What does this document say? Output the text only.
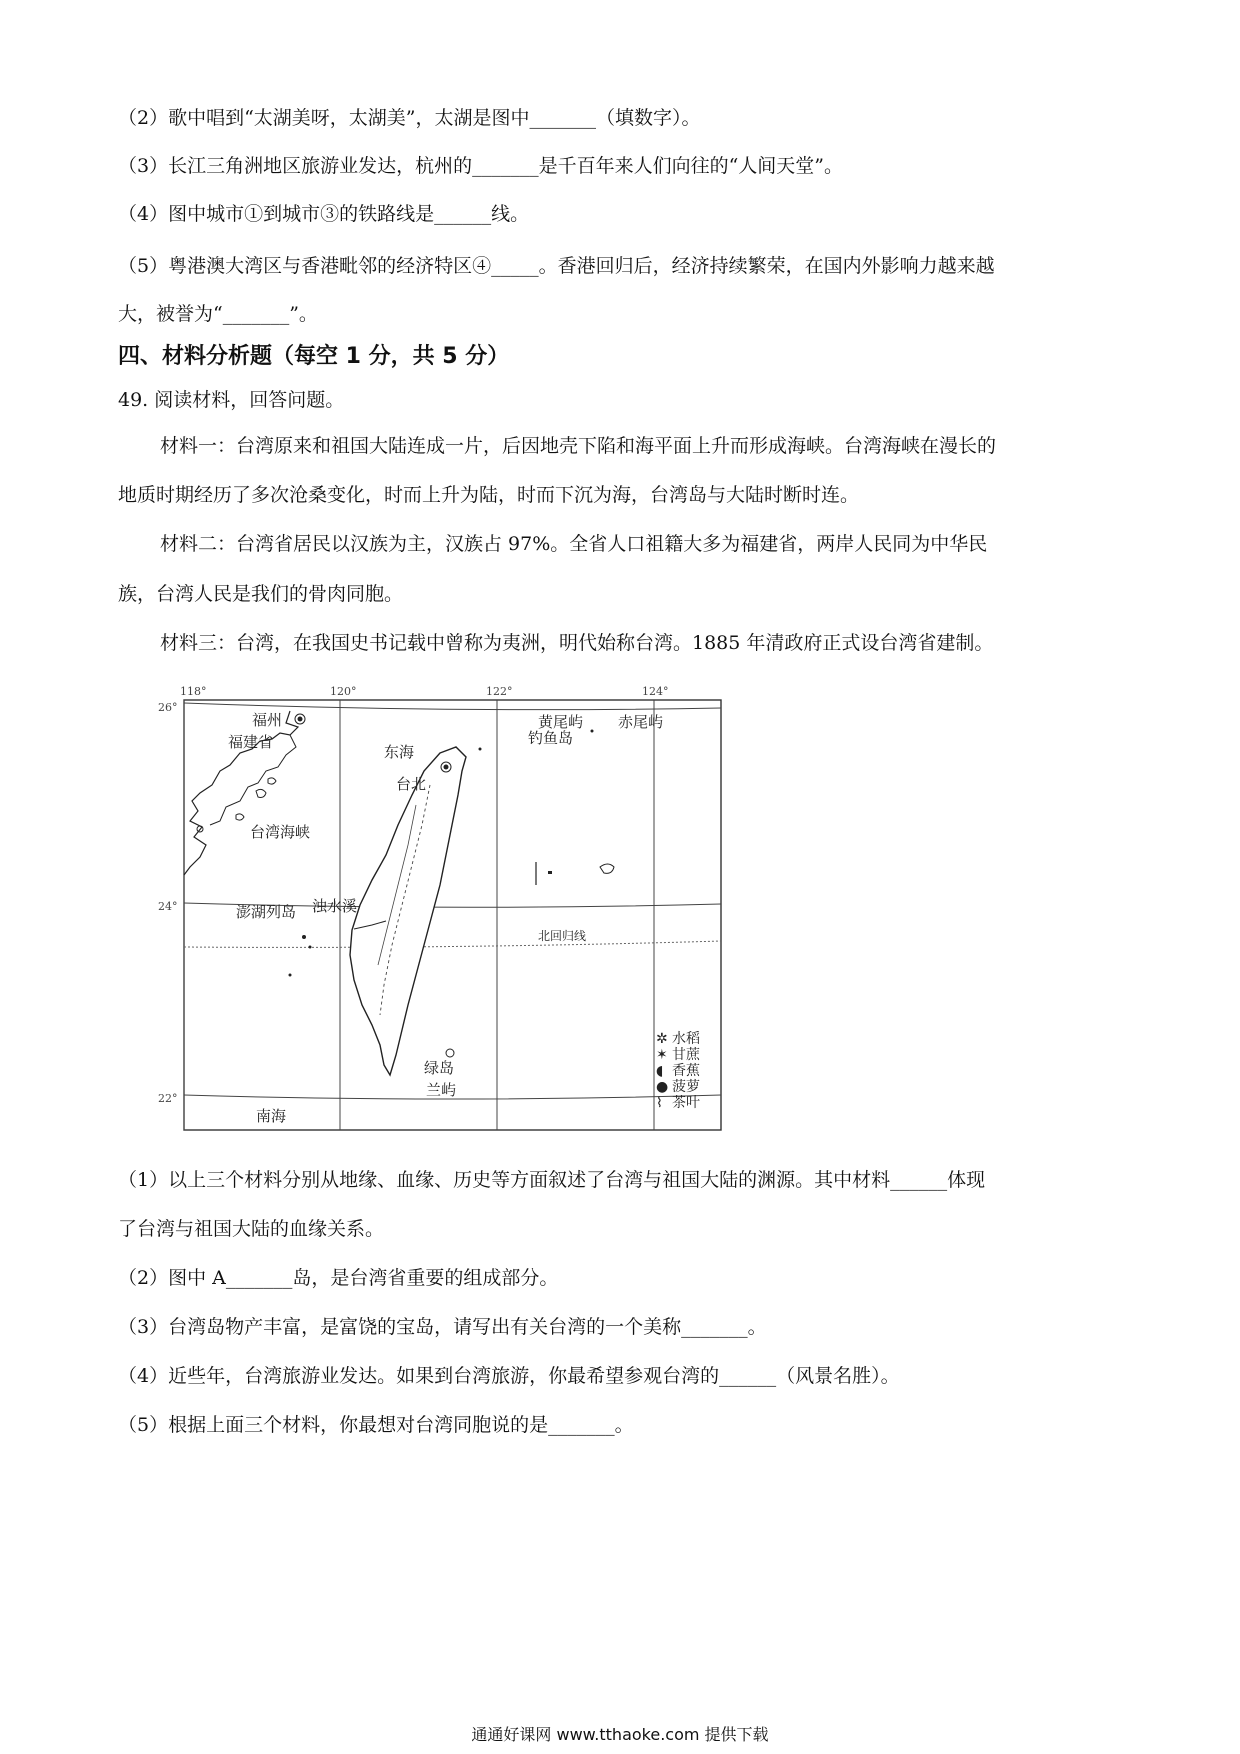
（2）歌中唱到“太湖美呀，太湖美”，太湖是图中_______（填数字）。
（3）长江三角洲地区旅游业发达，杭州的_______是千百年来人们向往的“人间天堂”。
（4）图中城市①到城市③的铁路线是______线。
（5）粤港澳大湾区与香港毗邻的经济特区④_____。香港回归后，经济持续繁荣，在国内外影响力越来越
大，被誉为“_______”。
四、材料分析题（每空 1 分，共 5 分）
49. 阅读材料，回答问题。
材料一：台湾原来和祖国大陆连成一片，后因地壳下陷和海平面上升而形成海峡。台湾海峡在漫长的
地质时期经历了多次沧桑变化，时而上升为陆，时而下沉为海，台湾岛与大陆时断时连。
材料二：台湾省居民以汉族为主，汉族占 97%。全省人口祖籍大多为福建省，两岸人民同为中华民
族，台湾人民是我们的骨肉同胞。
材料三：台湾，在我国史书记载中曾称为夷洲，明代始称台湾。1885 年清政府正式设台湾省建制。
118°	120°	122°	124°
26°
24°
22°
福州
福建省
东海
黄尾屿
钓鱼岛
赤尾屿
台北
台湾海峡
澎湖列岛 浊水溪
北回归线
绿岛
兰屿
南海
✲ 水稻
✶ 甘蔗
◖ 香蕉
● 菠萝
⌇ 茶叶
（1）以上三个材料分别从地缘、血缘、历史等方面叙述了台湾与祖国大陆的渊源。其中材料______体现
了台湾与祖国大陆的血缘关系。
（2）图中 A_______岛，是台湾省重要的组成部分。
（3）台湾岛物产丰富，是富饶的宝岛，请写出有关台湾的一个美称_______。
（4）近些年，台湾旅游业发达。如果到台湾旅游，你最希望参观台湾的______（风景名胜）。
（5）根据上面三个材料，你最想对台湾同胞说的是_______。
通通好课网 www.tthaoke.com 提供下载
